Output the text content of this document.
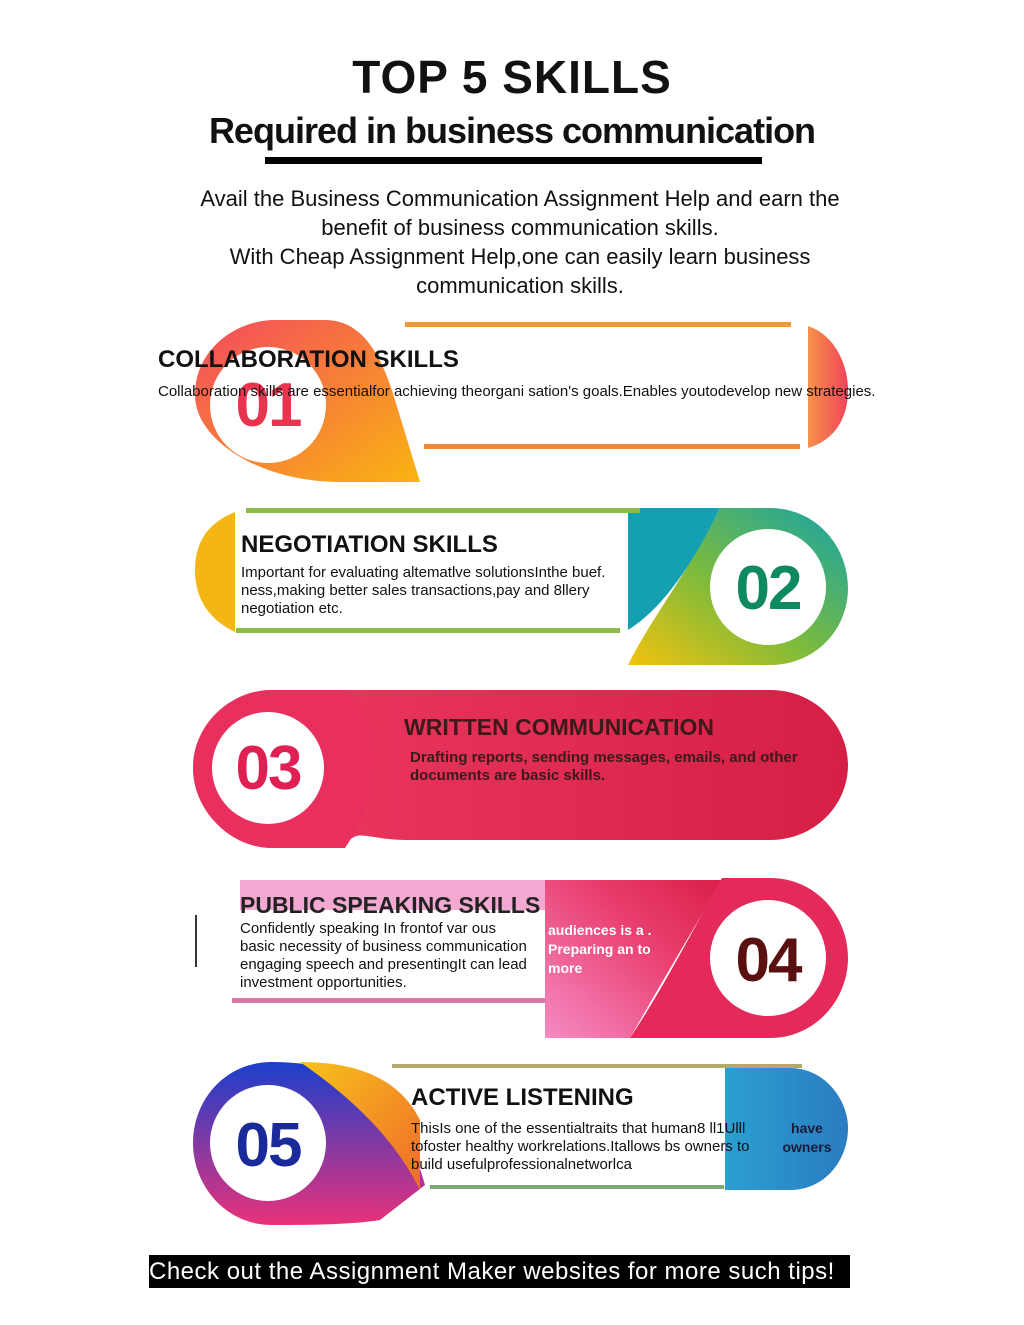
TOP 5 SKILLS
Required in business communication
Avail the Business Communication Assignment Help and earn the
benefit of business communication skills.
With Cheap Assignment Help,one can easily learn business
communication skills.
01
COLLABORATION SKILLS
Collaboration skills are essentialfor achieving theorgani sation's goals.Enables youtodevelop new strategies.
02
NEGOTIATION SKILLS
Important for evaluating altematlve solutionsInthe buef. ness,making better sales transactions,pay and 8llery negotiation etc.
03
WRITTEN COMMUNICATION
Drafting reports, sending messages, emails, and other documents are basic skills.
04
PUBLIC SPEAKING SKILLS
Confidently speaking In frontof var ous basic necessity of business communication engaging speech and presentingIt can lead investment opportunities.
audiences is a . Preparing an to more
05
ACTIVE LISTENING
ThisIs one of the essentialtraits that human8 ll1Ulll tofoster healthy workrelations.Itallows bs owners to build usefulprofessionalnetworlca
have owners
Check out the Assignment Maker websites for more such tips!
